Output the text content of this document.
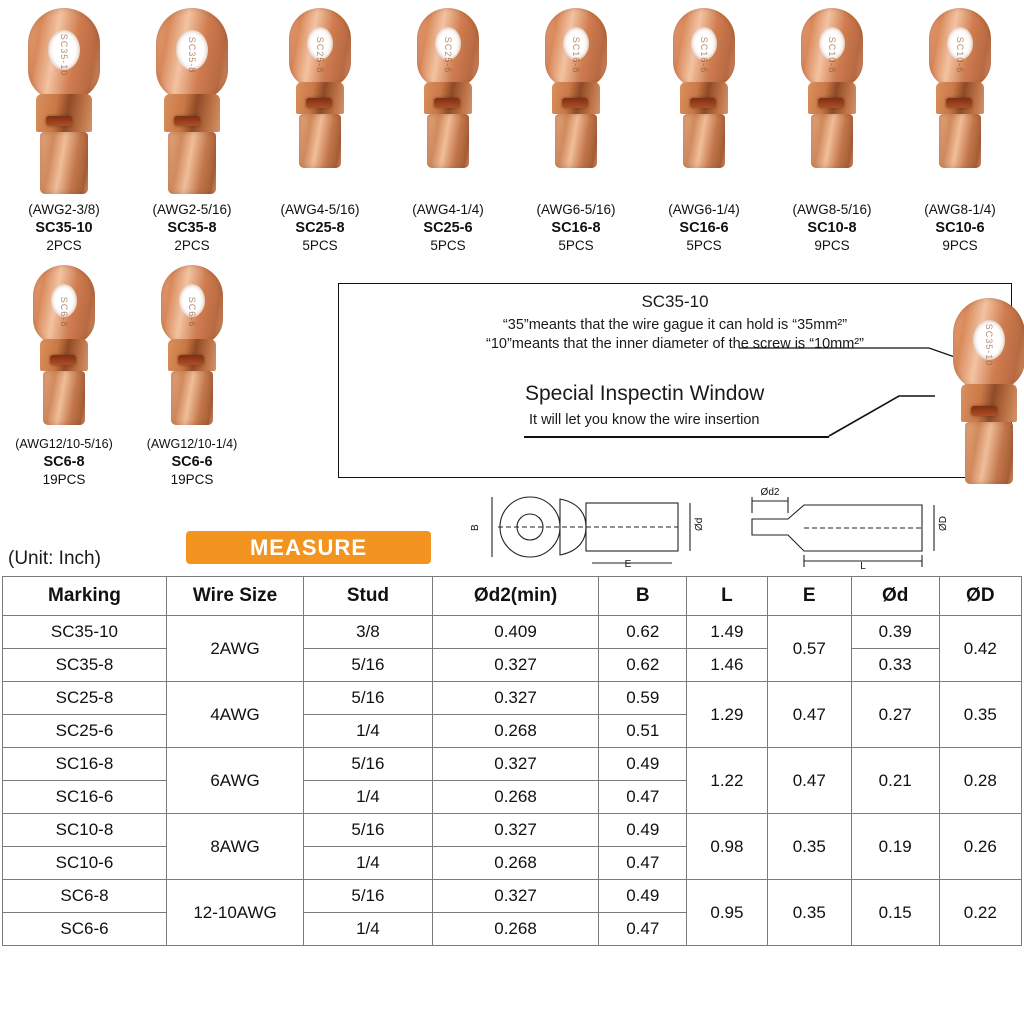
SC35-10
(AWG2-3/8)
SC35-10
2PCS
SC35-8
(AWG2-5/16)
SC35-8
2PCS
SC25-8
(AWG4-5/16)
SC25-8
5PCS
SC25-6
(AWG4-1/4)
SC25-6
5PCS
SC16-8
(AWG6-5/16)
SC16-8
5PCS
SC16-6
(AWG6-1/4)
SC16-6
5PCS
SC10-8
(AWG8-5/16)
SC10-8
9PCS
SC10-6
(AWG8-1/4)
SC10-6
9PCS
SC6-8
(AWG12/10-5/16)
SC6-8
19PCS
SC6-6
(AWG12/10-1/4)
SC6-6
19PCS
SC35-10
“35”meants that the wire gague it can hold is “35mm²”
“10”meants that the inner diameter of the screw is “10mm²”
Special Inspectin Window
It will let you know the wire insertion
SC35-10
(Unit: Inch)	MEASURE
B
E
Ød
Ød2
ØD
L
Marking	Wire Size	Stud	Ød2(min)	B	L	E	Ød	ØD
SC35-10	2AWG	3/8	0.409	0.62	1.49	0.57	0.39	0.42
SC35-8		5/16	0.327	0.62	1.46		0.33	
SC25-8	4AWG	5/16	0.327	0.59	1.29	0.47	0.27	0.35
SC25-6		1/4	0.268	0.51				
SC16-8	6AWG	5/16	0.327	0.49	1.22	0.47	0.21	0.28
SC16-6		1/4	0.268	0.47				
SC10-8	8AWG	5/16	0.327	0.49	0.98	0.35	0.19	0.26
SC10-6		1/4	0.268	0.47				
SC6-8	12-10AWG	5/16	0.327	0.49	0.95	0.35	0.15	0.22
SC6-6		1/4	0.268	0.47				
